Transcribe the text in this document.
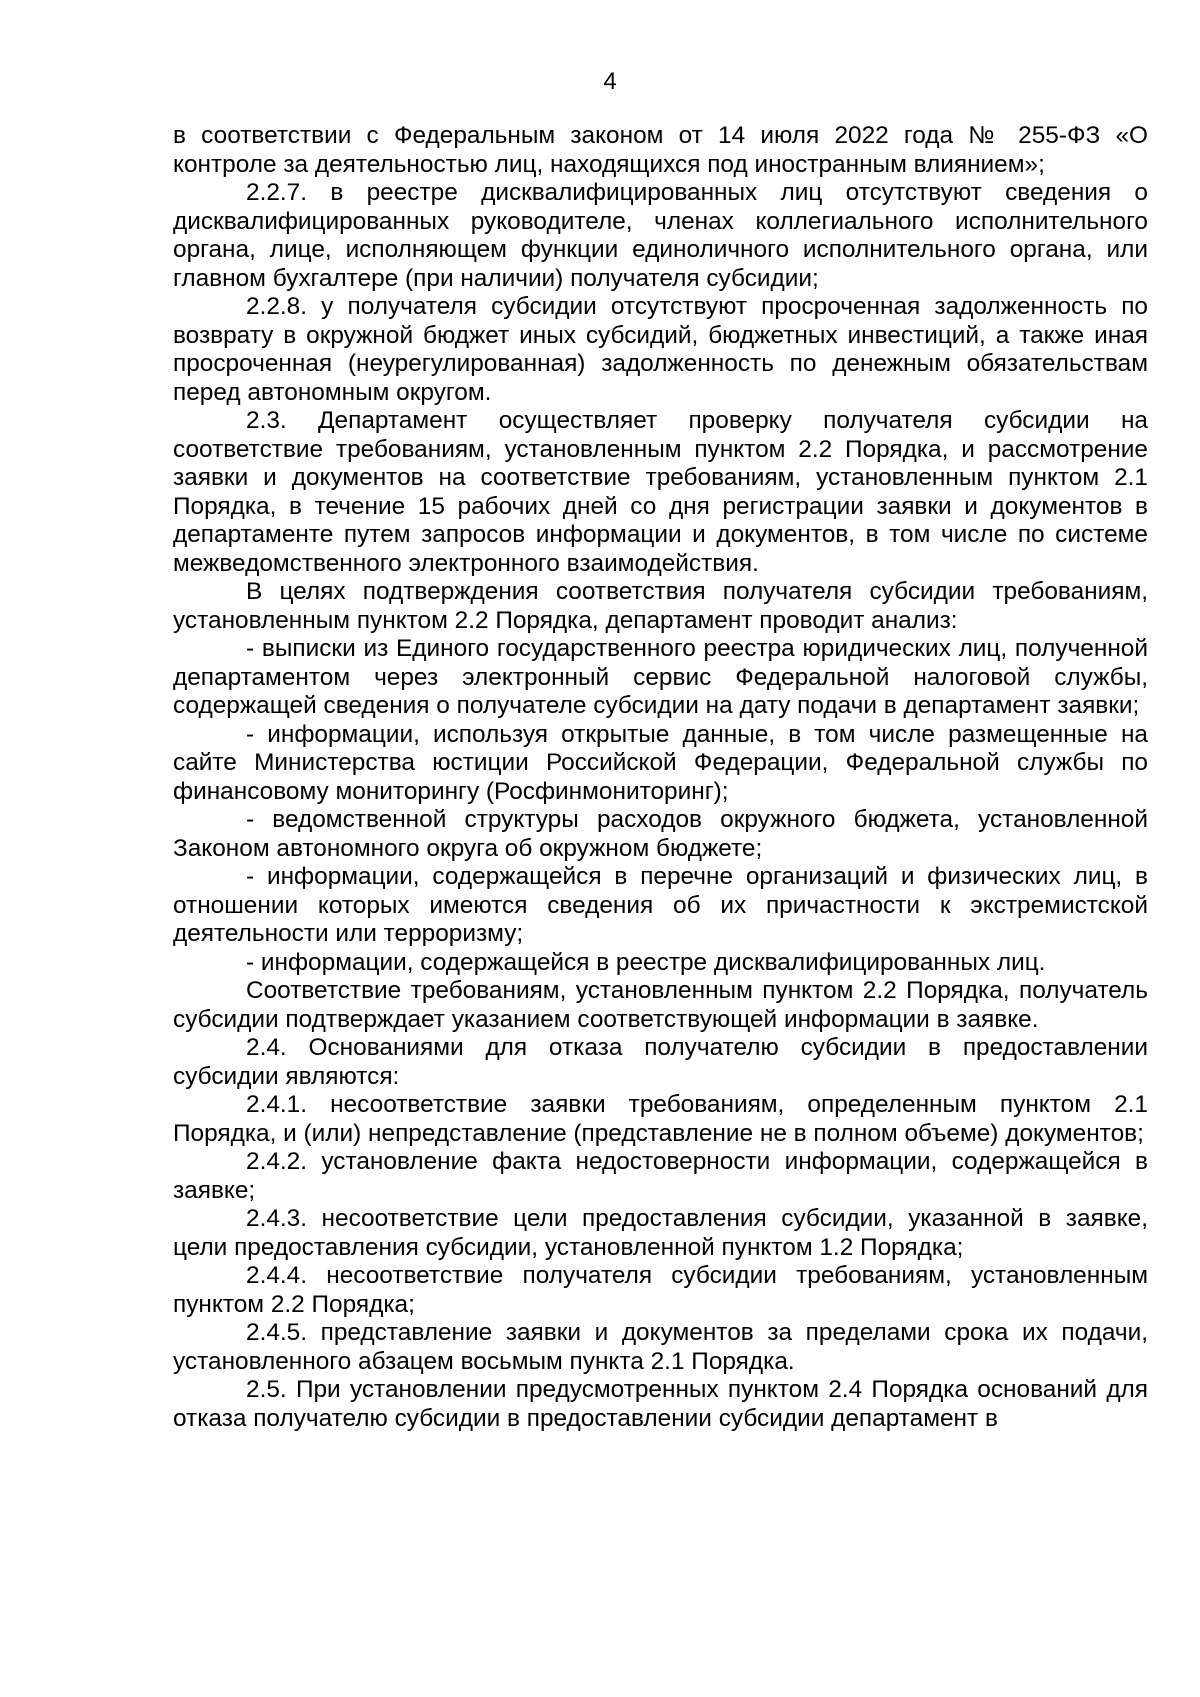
4

в соответствии с Федеральным законом от 14 июля 2022 года № 255-ФЗ «О контроле за деятельностью лиц, находящихся под иностранным влиянием»;

2.2.7. в реестре дисквалифицированных лиц отсутствуют сведения о дисквалифицированных руководителе, членах коллегиального исполнительного органа, лице, исполняющем функции единоличного исполнительного органа, или главном бухгалтере (при наличии) получателя субсидии;

2.2.8. у получателя субсидии отсутствуют просроченная задолженность по возврату в окружной бюджет иных субсидий, бюджетных инвестиций, а также иная просроченная (неурегулированная) задолженность по денежным обязательствам перед автономным округом.

2.3. Департамент осуществляет проверку получателя субсидии на соответствие требованиям, установленным пунктом 2.2 Порядка, и рассмотрение заявки и документов на соответствие требованиям, установленным пунктом 2.1 Порядка, в течение 15 рабочих дней со дня регистрации заявки и документов в департаменте путем запросов информации и документов, в том числе по системе межведомственного электронного взаимодействия.

В целях подтверждения соответствия получателя субсидии требованиям, установленным пунктом 2.2 Порядка, департамент проводит анализ:

- выписки из Единого государственного реестра юридических лиц, полученной департаментом через электронный сервис Федеральной налоговой службы, содержащей сведения о получателе субсидии на дату подачи в департамент заявки;

- информации, используя открытые данные, в том числе размещенные на сайте Министерства юстиции Российской Федерации, Федеральной службы по финансовому мониторингу (Росфинмониторинг);

- ведомственной структуры расходов окружного бюджета, установленной Законом автономного округа об окружном бюджете;

- информации, содержащейся в перечне организаций и физических лиц, в отношении которых имеются сведения об их причастности к экстремистской деятельности или терроризму;

- информации, содержащейся в реестре дисквалифицированных лиц.

Соответствие требованиям, установленным пунктом 2.2 Порядка, получатель субсидии подтверждает указанием соответствующей информации в заявке.

2.4. Основаниями для отказа получателю субсидии в предоставлении субсидии являются:

2.4.1. несоответствие заявки требованиям, определенным пунктом 2.1 Порядка, и (или) непредставление (представление не в полном объеме) документов;

2.4.2. установление факта недостоверности информации, содержащейся в заявке;

2.4.3. несоответствие цели предоставления субсидии, указанной в заявке, цели предоставления субсидии, установленной пунктом 1.2 Порядка;

2.4.4. несоответствие получателя субсидии требованиям, установленным пунктом 2.2 Порядка;

2.4.5. представление заявки и документов за пределами срока их подачи, установленного абзацем восьмым пункта 2.1 Порядка.

2.5. При установлении предусмотренных пунктом 2.4 Порядка оснований для отказа получателю субсидии в предоставлении субсидии департамент в
